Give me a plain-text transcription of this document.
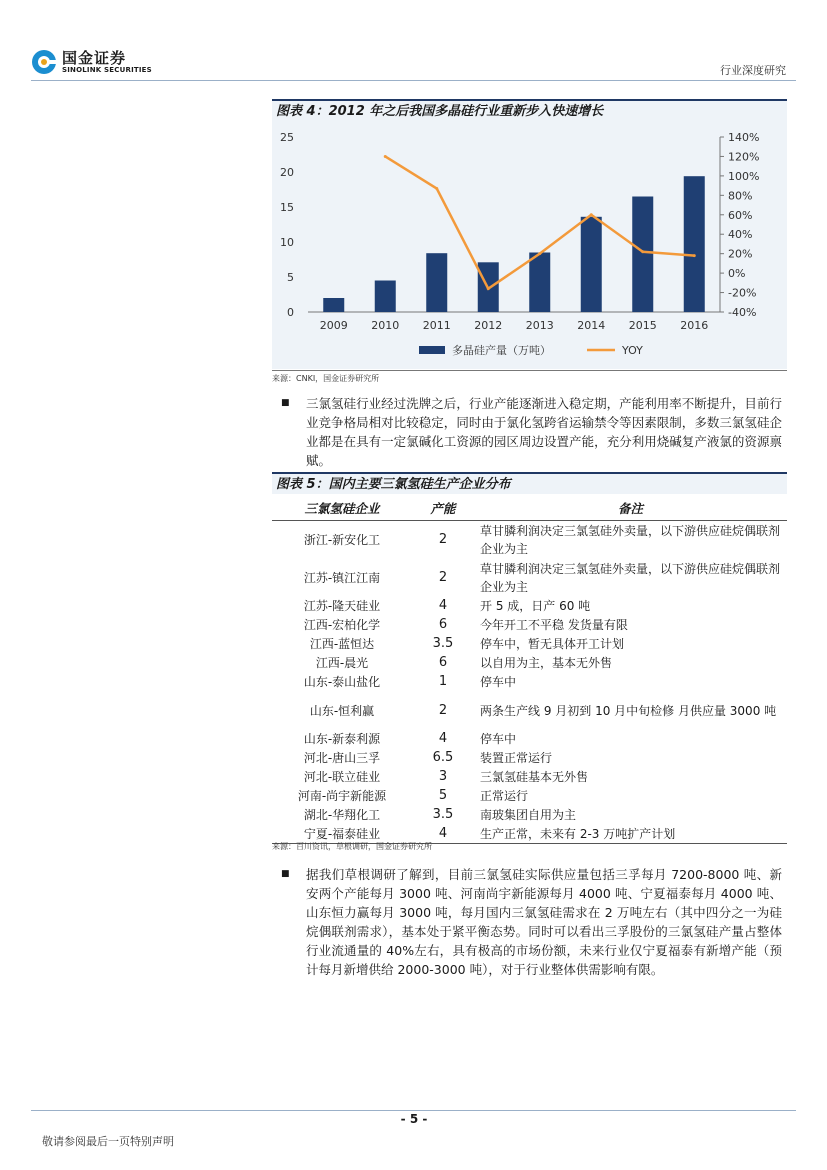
国金证券
SINOLINK SECURITIES	行业深度研究
图表 4：2012 年之后我国多晶硅行业重新步入快速增长
0
5
10
15
20
25
-40%
-20%
0%
20%
40%
60%
80%
100%
120%
140%
2009 2010 2011 2012 2013 2014 2015 2016
多晶硅产量（万吨）	YOY
来源：CNKI，国金证券研究所
■ 三氯氢硅行业经过洗牌之后，行业产能逐渐进入稳定期，产能利用率不断提升，目前行业竞争格局相对比较稳定，同时由于氯化氢跨省运输禁令等因素限制，多数三氯氢硅企业都是在具有一定氯碱化工资源的园区周边设置产能，充分利用烧碱复产液氯的资源禀赋。
图表 5：国内主要三氯氢硅生产企业分布
三氯氢硅企业	产能	备注
浙江-新安化工	2	草甘膦利润决定三氯氢硅外卖量，以下游供应硅烷偶联剂企业为主
江苏-镇江江南	2	草甘膦利润决定三氯氢硅外卖量，以下游供应硅烷偶联剂企业为主
江苏-隆天硅业	4	开 5 成，日产 60 吨
江西-宏柏化学	6	今年开工不平稳 发货量有限
江西-蓝恒达	3.5	停车中，暂无具体开工计划
江西-晨光	6	以自用为主，基本无外售
山东-泰山盐化	1	停车中
山东-恒利赢	2	两条生产线 9 月初到 10 月中旬检修 月供应量 3000 吨
山东-新泰利源	4	停车中
河北-唐山三孚	6.5	装置正常运行
河北-联立硅业	3	三氯氢硅基本无外售
河南-尚宇新能源	5	正常运行
湖北-华翔化工	3.5	南玻集团自用为主
宁夏-福泰硅业	4	生产正常，未来有 2-3 万吨扩产计划
来源：百川资讯，草根调研，国金证券研究所
■ 据我们草根调研了解到，目前三氯氢硅实际供应量包括三孚每月 7200-8000 吨、新安两个产能每月 3000 吨、河南尚宇新能源每月 4000 吨、宁夏福泰每月 4000 吨、山东恒力赢每月 3000 吨，每月国内三氯氢硅需求在 2 万吨左右（其中四分之一为硅烷偶联剂需求），基本处于紧平衡态势。同时可以看出三孚股份的三氯氢硅产量占整体行业流通量的 40%左右，具有极高的市场份额，未来行业仅宁夏福泰有新增产能（预计每月新增供给 2000-3000 吨），对于行业整体供需影响有限。
- 5 -
敬请参阅最后一页特别声明
